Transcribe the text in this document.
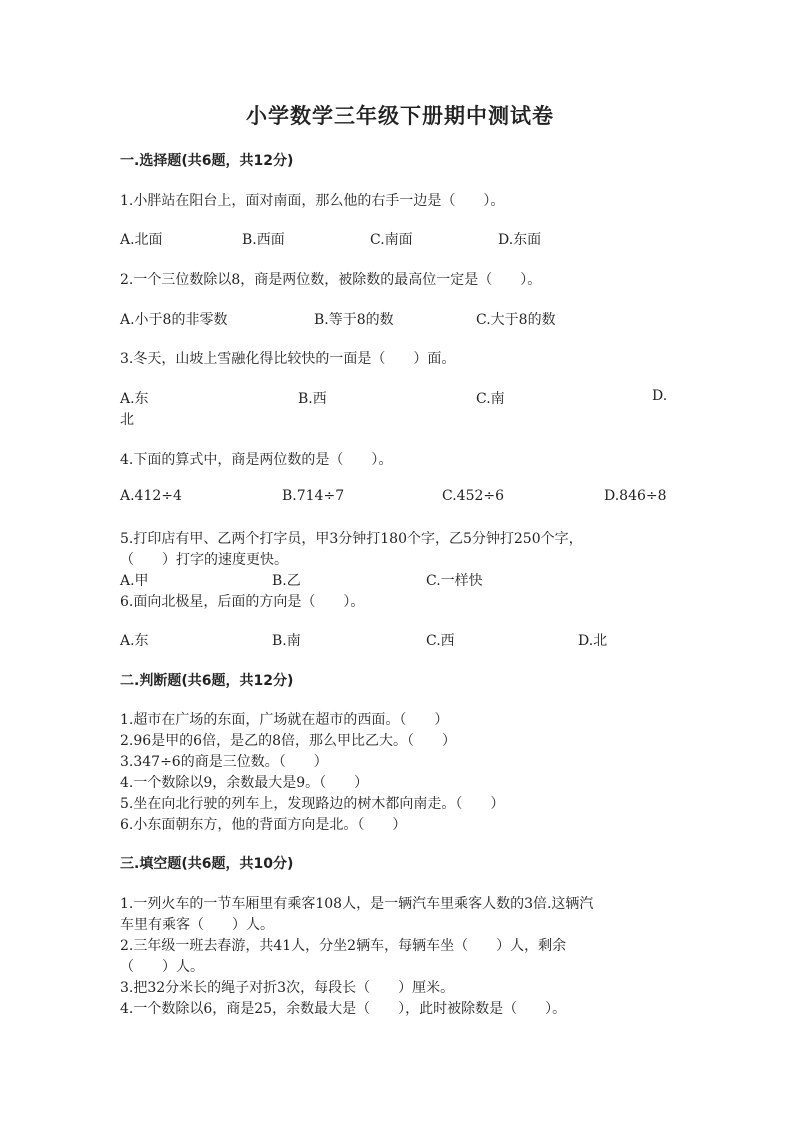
小学数学三年级下册期中测试卷
一.选择题(共6题，共12分)
1.小胖站在阳台上，面对南面，那么他的右手一边是（　　）。
A.北面	B.西面	C.南面	D.东面
2.一个三位数除以8，商是两位数，被除数的最高位一定是（　　）。
A.小于8的非零数	B.等于8的数	C.大于8的数
3.冬天，山坡上雪融化得比较快的一面是（　　）面。
A.东	B.西	C.南	D.
北
4.下面的算式中，商是两位数的是（　　）。
A.412÷4	B.714÷7	C.452÷6	D.846÷8
5.打印店有甲、乙两个打字员，甲3分钟打180个字，乙5分钟打250个字，
（　　）打字的速度更快。
A.甲	B.乙	C.一样快
6.面向北极星，后面的方向是（　　）。
A.东	B.南	C.西	D.北
二.判断题(共6题，共12分)
1.超市在广场的东面，广场就在超市的西面。（　　）
2.96是甲的6倍，是乙的8倍，那么甲比乙大。（　　）
3.347÷6的商是三位数。（　　）
4.一个数除以9，余数最大是9。（　　）
5.坐在向北行驶的列车上，发现路边的树木都向南走。（　　）
6.小东面朝东方，他的背面方向是北。（　　）
三.填空题(共6题，共10分)
1.一列火车的一节车厢里有乘客108人，是一辆汽车里乘客人数的3倍.这辆汽
车里有乘客（　　）人。
2.三年级一班去春游，共41人，分坐2辆车，每辆车坐（　　）人，剩余
（　　）人。
3.把32分米长的绳子对折3次，每段长（　　）厘米。
4.一个数除以6，商是25，余数最大是（　　），此时被除数是（　　）。
